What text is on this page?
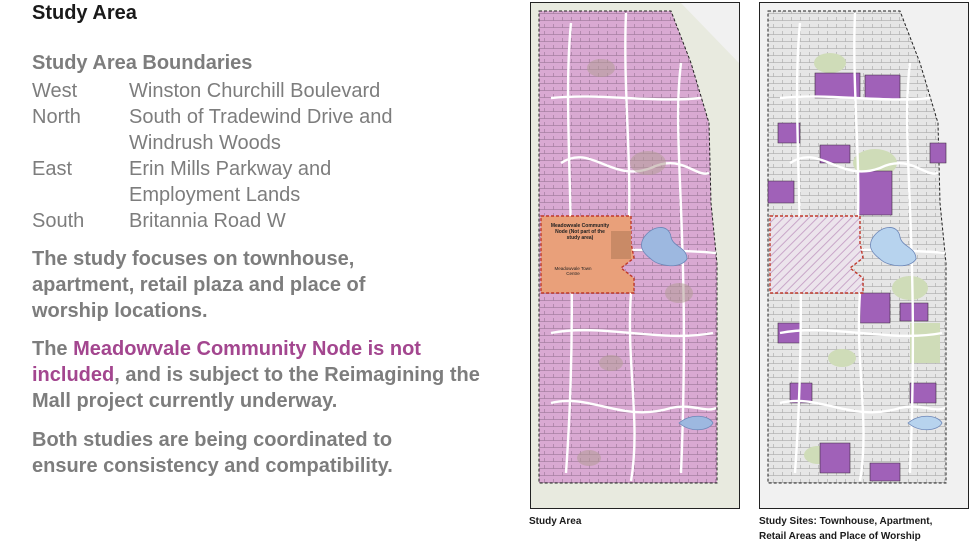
Study Area
Study Area Boundaries
West	Winston Churchill Boulevard
North	South of Tradewind Drive and
Windrush Woods
East	Erin Mills Parkway and
Employment Lands
South	Britannia Road W
The study focuses on townhouse, apartment, retail plaza and place of worship locations.
The Meadowvale Community Node is not included, and is subject to the Reimagining the Mall project currently underway.
Both studies are being coordinated to ensure consistency and compatibility.
Meadowvale Community Node (Not part of the study area)
Meadowvale Town Centre
Study Area	Study Sites: Townhouse, Apartment,
Retail Areas and Place of Worship
